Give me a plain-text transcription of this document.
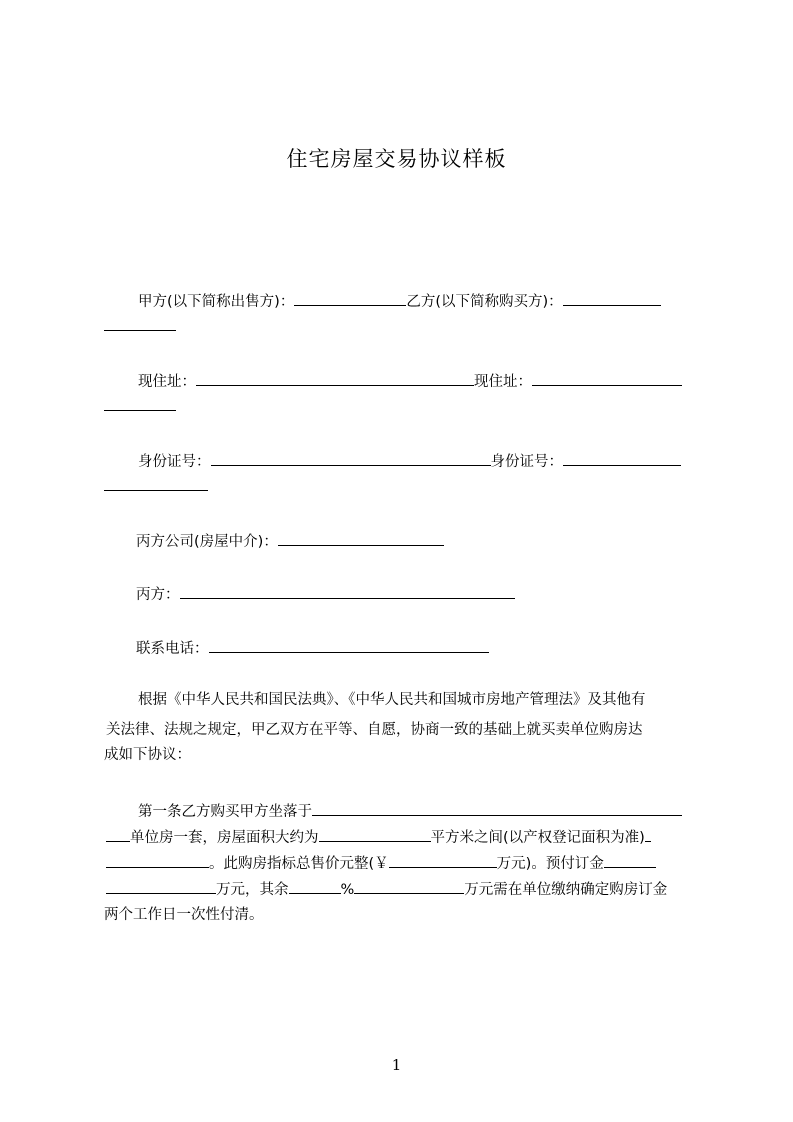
住宅房屋交易协议样板
甲方(以下简称出售方)：	乙方(以下简称购买方)：
现住址：	现住址：
身份证号：	身份证号：
丙方公司(房屋中介)：
丙方：
联系电话：
根据《中华人民共和国民法典》、《中华人民共和国城市房地产管理法》及其他有
关法律、法规之规定，甲乙双方在平等、自愿，协商一致的基础上就买卖单位购房达
成如下协议：
第一条乙方购买甲方坐落于
单位房一套，房屋面积大约为	平方米之间(以产权登记面积为准)
。此购房指标总售价元整(￥	万元)。预付订金
万元，其余	%	万元需在单位缴纳确定购房订金
两个工作日一次性付清。
1
